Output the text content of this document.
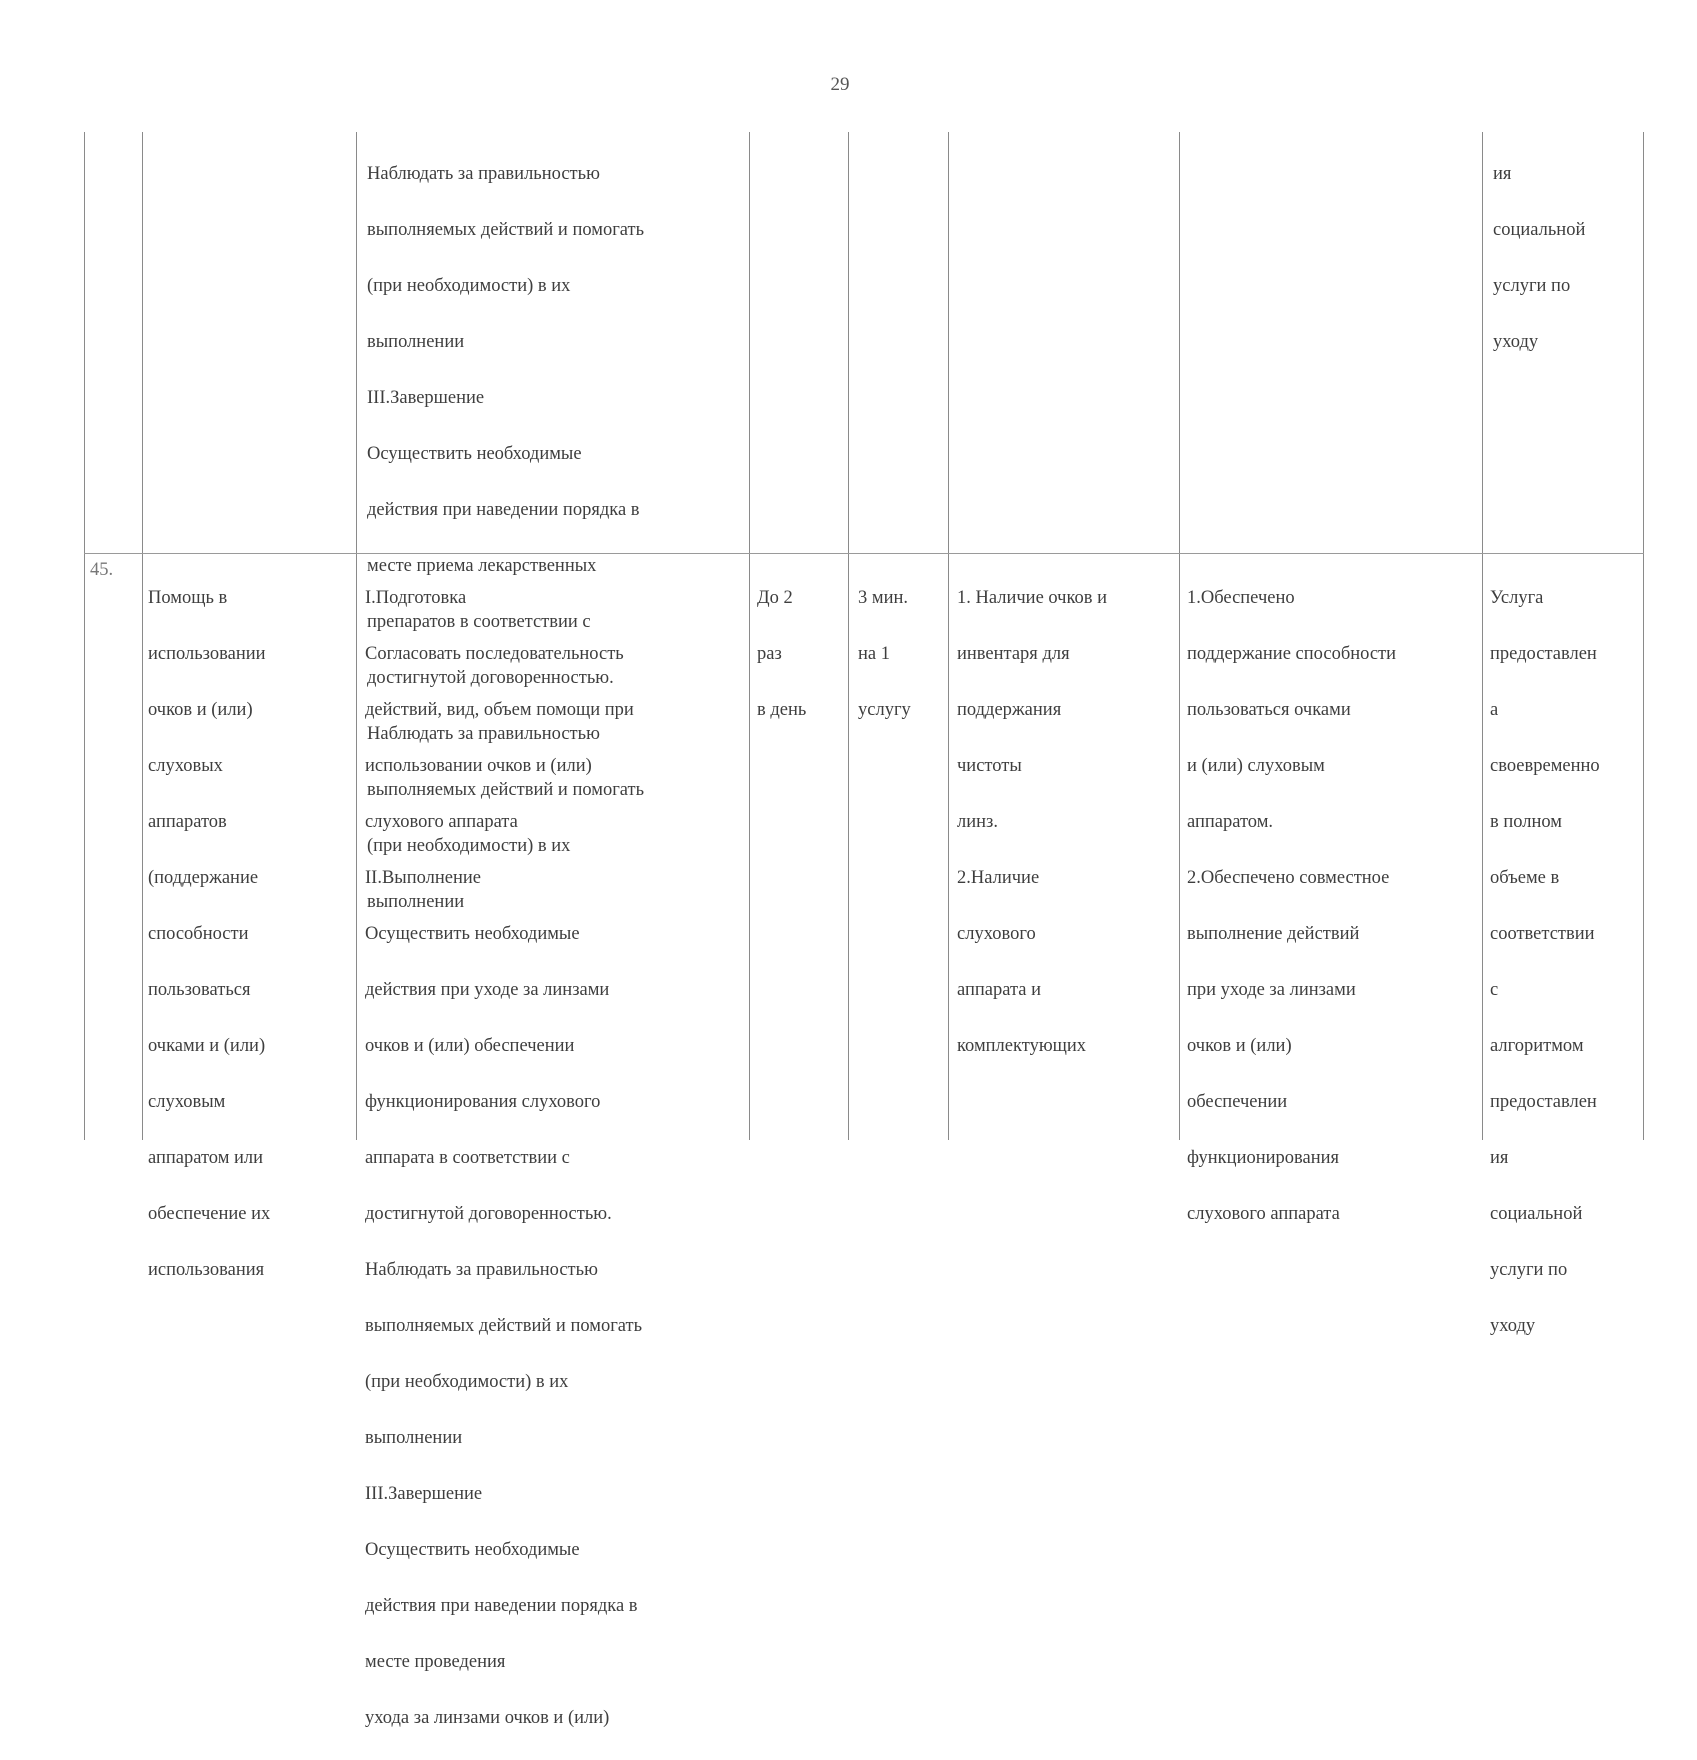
29

Наблюдать за правильностью

выполняемых действий и помогать

(при необходимости) в их

выполнении

III.Завершение

Осуществить необходимые

действия при наведении порядка в

месте приема лекарственных

препаратов в соответствии с

достигнутой договоренностью.

Наблюдать за правильностью

выполняемых действий и помогать

(при необходимости) в их

выполнении

ия

социальной

услуги по

уходу

45.

Помощь в

использовании

очков и (или)

слуховых

аппаратов

(поддержание

способности

пользоваться

очками и (или)

слуховым

аппаратом или

обеспечение их

использования

I.Подготовка

Согласовать последовательность

действий, вид, объем помощи при

использовании очков и (или)

слухового аппарата

II.Выполнение

Осуществить необходимые

действия при уходе за линзами

очков и (или) обеспечении

функционирования слухового

аппарата в соответствии с

достигнутой договоренностью.

Наблюдать за правильностью

выполняемых действий и помогать

(при необходимости) в их

выполнении

III.Завершение

Осуществить необходимые

действия при наведении порядка в

месте проведения

ухода за линзами очков и (или)

До 2

раз

в день

3 мин.

на 1

услугу

1. Наличие очков и

инвентаря для

поддержания

чистоты

линз.

2.Наличие

слухового

аппарата и

комплектующих

1.Обеспечено

поддержание способности

пользоваться очками

и (или) слуховым

аппаратом.

2.Обеспечено совместное

выполнение действий

при уходе за линзами

очков и (или)

обеспечении

функционирования

слухового аппарата

Услуга

предоставлен

а

своевременно

в полном

объеме в

соответствии

с

алгоритмом

предоставлен

ия

социальной

услуги по

уходу
